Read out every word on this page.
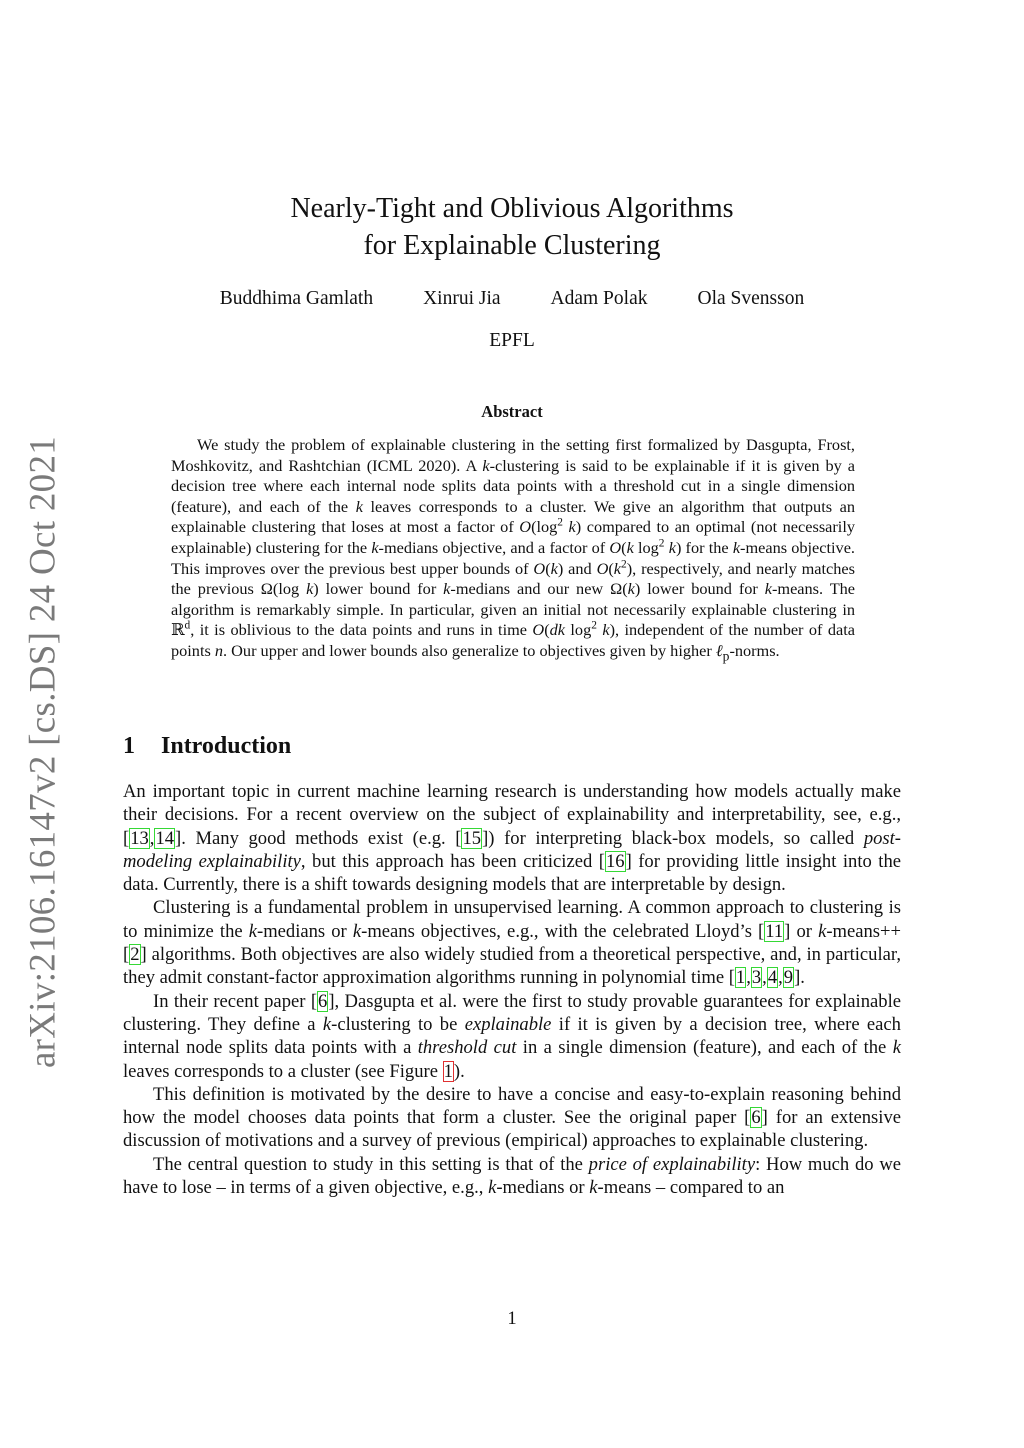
arXiv:2106.16147v2 [cs.DS] 24 Oct 2021
Nearly-Tight and Oblivious Algorithms
for Explainable Clustering
Buddhima Gamlath	Xinrui Jia	Adam Polak	Ola Svensson
EPFL
Abstract

We study the problem of explainable clustering in the setting first formalized by Dasgupta, Frost, Moshkovitz, and Rashtchian (ICML 2020). A k-clustering is said to be explainable if it is given by a decision tree where each internal node splits data points with a threshold cut in a single dimension (feature), and each of the k leaves corresponds to a cluster. We give an algorithm that outputs an explainable clustering that loses at most a factor of $O(\log^2$ k) compared to an optimal (not necessarily explainable) clustering for the k-medians objective, and a factor of O(k $\log^2 k$) for the k-means objective. This improves over the previous best upper bounds of O(k) and $O(k^2)$, respectively, and nearly matches the previous Ω(log k) lower bound for k-medians and our new Ω(k) lower bound for k-means. The algorithm is remarkably simple. In particular, given an initial not necessarily explainable clustering in ℝ$^d$, it is oblivious to the data points and runs in time O(dk $\log^2 k$), independent of the number of data points n. Our upper and lower bounds also generalize to objectives given by higher ℓ$_p$-norms.

1 Introduction

An important topic in current machine learning research is understanding how models actually make their decisions. For a recent overview on the subject of explainability and interpretability, see, e.g., [13,14]. Many good methods exist (e.g. [15]) for interpreting black-box models, so called post-modeling explainability, but this approach has been criticized [16] for providing little insight into the data. Currently, there is a shift towards designing models that are interpretable by design.

Clustering is a fundamental problem in unsupervised learning. A common approach to clustering is to minimize the k-medians or k-means objectives, e.g., with the celebrated Lloyd’s [11] or k-means++ [2] algorithms. Both objectives are also widely studied from a theoretical perspective, and, in particular, they admit constant-factor approximation algorithms running in polynomial time [1,3,4,9].

In their recent paper [6], Dasgupta et al. were the first to study provable guarantees for explainable clustering. They define a k-clustering to be explainable if it is given by a decision tree, where each internal node splits data points with a threshold cut in a single dimension (feature), and each of the k leaves corresponds to a cluster (see Figure 1).

This definition is motivated by the desire to have a concise and easy-to-explain reasoning behind how the model chooses data points that form a cluster. See the original paper [6] for an extensive discussion of motivations and a survey of previous (empirical) approaches to explainable clustering.

The central question to study in this setting is that of the price of explainability: How much do we have to lose – in terms of a given objective, e.g., k-medians or k-means – compared to an

1
